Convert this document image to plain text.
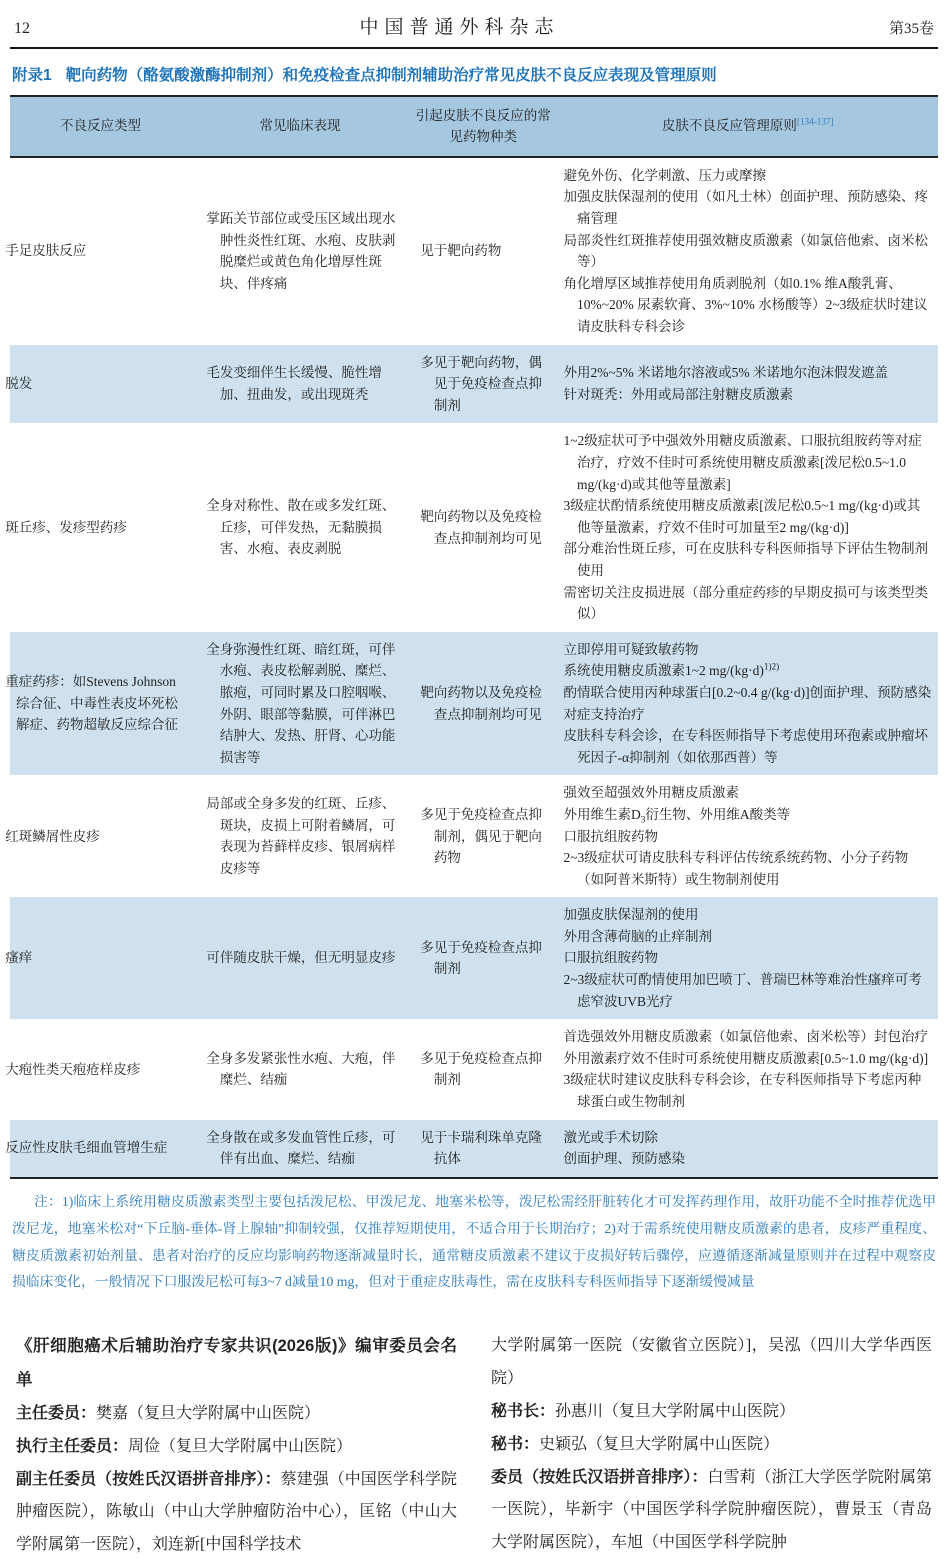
12	中国普通外科杂志	第35卷
附录1 靶向药物（酪氨酸激酶抑制剂）和免疫检查点抑制剂辅助治疗常见皮肤不良反应表现及管理原则
不良反应类型	常见临床表现	引起皮肤不良反应的常见药物种类	皮肤不良反应管理原则[134-137]
手足皮肤反应	掌跖关节部位或受压区域出现水肿性炎性红斑、水疱、皮肤剥脱糜烂或黄色角化增厚性斑块、伴疼痛	见于靶向药物	避免外伤、化学刺激、压力或摩擦
加强皮肤保湿剂的使用（如凡士林）创面护理、预防感染、疼痛管理
局部炎性红斑推荐使用强效糖皮质激素（如氯倍他索、卤米松等）
角化增厚区域推荐使用角质剥脱剂（如0.1% 维A酸乳膏、10%~20% 尿素软膏、3%~10% 水杨酸等）2~3级症状时建议请皮肤科专科会诊

脱发	毛发变细伴生长缓慢、脆性增加、扭曲发，或出现斑秃	多见于靶向药物，偶见于免疫检查点抑制剂	外用2%~5% 米诺地尔溶液或5% 米诺地尔泡沫假发遮盖
针对斑秃：外用或局部注射糖皮质激素

斑丘疹、发疹型药疹	全身对称性、散在或多发红斑、丘疹，可伴发热，无黏膜损害、水疱、表皮剥脱	靶向药物以及免疫检查点抑制剂均可见	1~2级症状可予中强效外用糖皮质激素、口服抗组胺药等对症治疗，疗效不佳时可系统使用糖皮质激素[泼尼松0.5~1.0 mg/(kg·d)或其他等量激素]
3级症状酌情系统使用糖皮质激素[泼尼松0.5~1 mg/(kg·d)或其他等量激素，疗效不佳时可加量至2 mg/(kg·d)]
部分难治性斑丘疹，可在皮肤科专科医师指导下评估生物制剂使用
需密切关注皮损进展（部分重症药疹的早期皮损可与该类型类似）

重症药疹：如Stevens Johnson综合征、中毒性表皮坏死松解症、药物超敏反应综合征	全身弥漫性红斑、暗红斑，可伴水疱、表皮松解剥脱、糜烂、脓疱，可同时累及口腔咽喉、外阴、眼部等黏膜，可伴淋巴结肿大、发热、肝肾、心功能损害等	靶向药物以及免疫检查点抑制剂均可见	立即停用可疑致敏药物
系统使用糖皮质激素1~2 $mg/(kg\cdot d)^{1)2)}$
酌情联合使用丙种球蛋白[0.2~0.4 g/(kg·d)]创面护理、预防感染
对症支持治疗
皮肤科专科会诊，在专科医师指导下考虑使用环孢素或肿瘤坏死因子-α抑制剂（如依那西普）等

红斑鳞屑性皮疹	局部或全身多发的红斑、丘疹、斑块，皮损上可附着鳞屑，可表现为苔藓样皮疹、银屑病样皮疹等	多见于免疫检查点抑制剂，偶见于靶向药物	强效至超强效外用糖皮质激素
外用维生素$D_3$衍生物、外用维A酸类等
口服抗组胺药物
2~3级症状可请皮肤科专科评估传统系统药物、小分子药物（如阿普米斯特）或生物制剂使用

瘙痒	可伴随皮肤干燥，但无明显皮疹	多见于免疫检查点抑制剂	加强皮肤保湿剂的使用
外用含薄荷脑的止痒制剂
口服抗组胺药物
2~3级症状可酌情使用加巴喷丁、普瑞巴林等难治性瘙痒可考虑窄波UVB光疗

大疱性类天疱疮样皮疹	全身多发紧张性水疱、大疱，伴糜烂、结痂	多见于免疫检查点抑制剂	首选强效外用糖皮质激素（如氯倍他索、卤米松等）封包治疗
外用激素疗效不佳时可系统使用糖皮质激素[0.5~1.0 mg/(kg·d)]
3级症状时建议皮肤科专科会诊，在专科医师指导下考虑丙种球蛋白或生物制剂

反应性皮肤毛细血管增生症	全身散在或多发血管性丘疹，可伴有出血、糜烂、结痂	见于卡瑞利珠单克隆抗体	激光或手术切除
创面护理、预防感染

注：1)临床上系统用糖皮质激素类型主要包括泼尼松、甲泼尼龙、地塞米松等，泼尼松需经肝脏转化才可发挥药理作用，故肝功能不全时推荐优选甲泼尼龙，地塞米松对“下丘脑-垂体-肾上腺轴”抑制较强，仅推荐短期使用，不适合用于长期治疗；2)对于需系统使用糖皮质激素的患者，皮疹严重程度、糖皮质激素初始剂量、患者对治疗的反应均影响药物逐渐减量时长，通常糖皮质激素不建议于皮损好转后骤停，应遵循逐渐减量原则并在过程中观察皮损临床变化，一般情况下口服泼尼松可每3~7 d减量10 mg，但对于重症皮肤毒性，需在皮肤科专科医师指导下逐渐缓慢减量

《肝细胞癌术后辅助治疗专家共识(2026版)》编审委员会名单
主任委员：樊嘉（复旦大学附属中山医院）
执行主任委员：周俭（复旦大学附属中山医院）
副主任委员（按姓氏汉语拼音排序）：蔡建强（中国医学科学院肿瘤医院），陈敏山（中山大学肿瘤防治中心），匡铭（中山大学附属第一医院），刘连新[中国科学技术
大学附属第一医院（安徽省立医院）]，吴泓（四川大学华西医院）
秘书长：孙惠川（复旦大学附属中山医院）
秘书：史颖弘（复旦大学附属中山医院）
委员（按姓氏汉语拼音排序）：白雪莉（浙江大学医学院附属第一医院），毕新宇（中国医学科学院肿瘤医院），曹景玉（青岛大学附属医院），车旭（中国医学科学院肿
